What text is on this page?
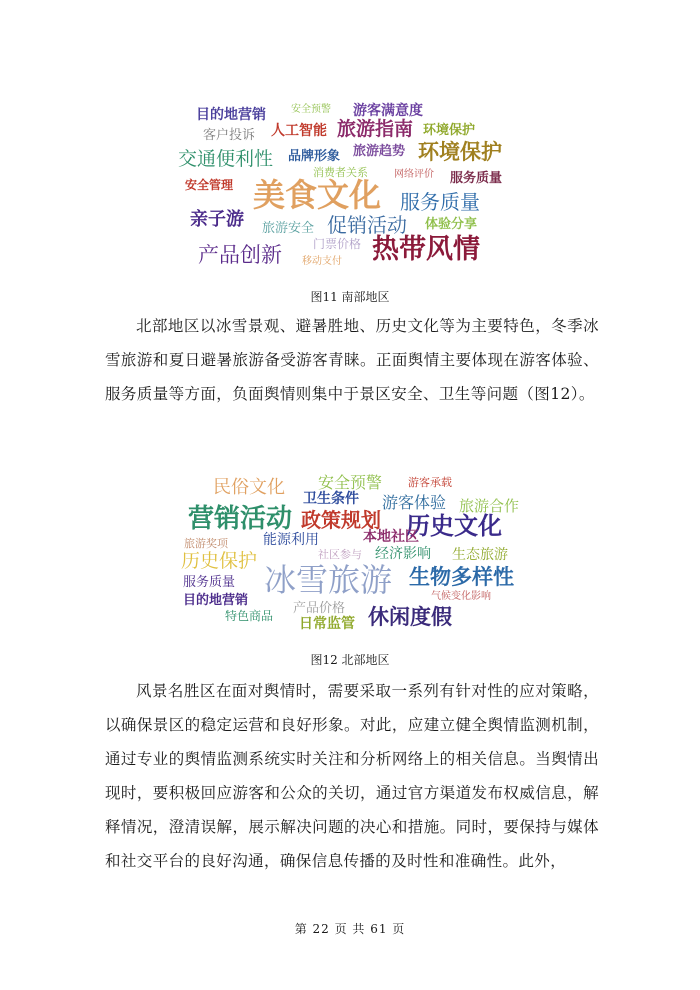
目的地营销	安全预警 游客满意度
客户投诉 人工智能 旅游指南 环境保护
交通便利性 品牌形象 旅游趋势 环境保护
消费者关系	网络评价
安全管理 美食文化	服务质量
服务质量
亲子游 旅游安全 促销活动 体验分享
门票价格
产品创新 移动支付 热带风情
图11 南部地区

北部地区以冰雪景观、避暑胜地、历史文化等为主要特色，冬季冰雪旅游和夏日避暑旅游备受游客青睐。正面舆情主要体现在游客体验、服务质量等方面，负面舆情则集中于景区安全、卫生等问题（图12）。

民俗文化 安全预警 游客承载
卫生条件 游客体验 旅游合作
营销活动 政策规划 历史文化
旅游奖项	能源利用	本地社区
历史保护	社区参与 经济影响 生态旅游
服务质量 冰雪旅游 生物多样性
气候变化影响
目的地营销
产品价格
特色商品 日常监管 休闲度假
图12 北部地区

风景名胜区在面对舆情时，需要采取一系列有针对性的应对策略，以确保景区的稳定运营和良好形象。对此，应建立健全舆情监测机制，通过专业的舆情监测系统实时关注和分析网络上的相关信息。当舆情出现时，要积极回应游客和公众的关切，通过官方渠道发布权威信息，解释情况，澄清误解，展示解决问题的决心和措施。同时，要保持与媒体和社交平台的良好沟通，确保信息传播的及时性和准确性。此外，

第 22 页 共 61 页
